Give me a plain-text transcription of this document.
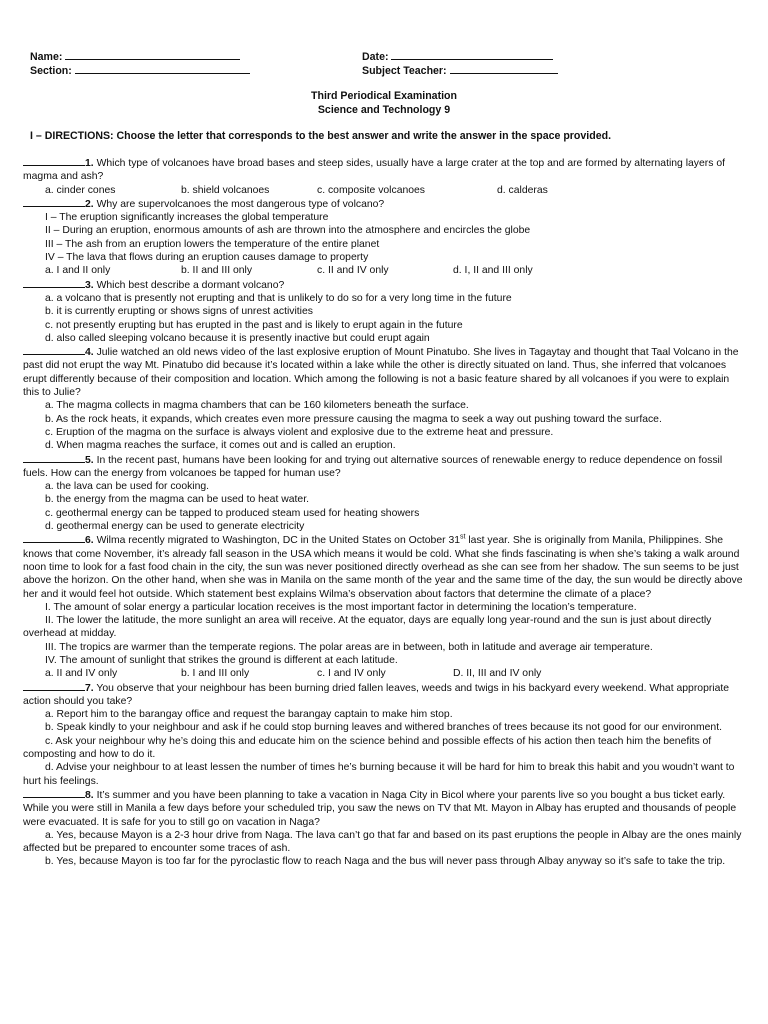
Name:
Section:
Date:
Subject Teacher:
Third Periodical Examination
Science and Technology 9
I – DIRECTIONS: Choose the letter that corresponds to the best answer and write the answer in the space provided.

1. Which type of volcanoes have broad bases and steep sides, usually have a large crater at the top and are formed by alternating layers of magma and ash?

a. cinder cones	b. shield volcanoes	c. composite volcanoes	d. calderas

2. Why are supervolcanoes the most dangerous type of volcano?

I – The eruption significantly increases the global temperature

II – During an eruption, enormous amounts of ash are thrown into the atmosphere and encircles the globe

III – The ash from an eruption lowers the temperature of the entire planet

IV – The lava that flows during an eruption causes damage to property

a. I and II only	b. II and III only	c. II and IV only	d. I, II and III only

3. Which best describe a dormant volcano?

a. a volcano that is presently not erupting and that is unlikely to do so for a very long time in the future

b. it is currently erupting or shows signs of unrest activities

c. not presently erupting but has erupted in the past and is likely to erupt again in the future

d. also called sleeping volcano because it is presently inactive but could erupt again

4. Julie watched an old news video of the last explosive eruption of Mount Pinatubo. She lives in Tagaytay and thought that Taal Volcano in the past did not erupt the way Mt. Pinatubo did because it’s located within a lake while the other is directly situated on land. Thus, she inferred that volcanoes erupt differently because of their composition and location. Which among the following is not a basic feature shared by all volcanoes if you were to explain this to Julie?

a. The magma collects in magma chambers that can be 160 kilometers beneath the surface.

b. As the rock heats, it expands, which creates even more pressure causing the magma to seek a way out pushing toward the surface.

c. Eruption of the magma on the surface is always violent and explosive due to the extreme heat and pressure.

d. When magma reaches the surface, it comes out and is called an eruption.

5. In the recent past, humans have been looking for and trying out alternative sources of renewable energy to reduce dependence on fossil fuels. How can the energy from volcanoes be tapped for human use?

a. the lava can be used for cooking.

b. the energy from the magma can be used to heat water.

c. geothermal energy can be tapped to produced steam used for heating showers

d. geothermal energy can be used to generate electricity

6. Wilma recently migrated to Washington, DC in the United States on October 31st last year. She is originally from Manila, Philippines. She knows that come November, it’s already fall season in the USA which means it would be cold. What she finds fascinating is when she’s taking a walk around noon time to look for a fast food chain in the city, the sun was never positioned directly overhead as she can see from her shadow. The sun seems to be just above the horizon. On the other hand, when she was in Manila on the same month of the year and the same time of the day, the sun would be directly above her and it would feel hot outside. Which statement best explains Wilma’s observation about factors that determine the climate of a place?

I. The amount of solar energy a particular location receives is the most important factor in determining the location’s temperature.

II. The lower the latitude, the more sunlight an area will receive. At the equator, days are equally long year-round and the sun is just about directly overhead at midday.

III. The tropics are warmer than the temperate regions. The polar areas are in between, both in latitude and average air temperature.

IV. The amount of sunlight that strikes the ground is different at each latitude.

a. II and IV only	b. I and III only	c. I and IV only	D. II, III and IV only

7. You observe that your neighbour has been burning dried fallen leaves, weeds and twigs in his backyard every weekend. What appropriate action should you take?

a. Report him to the barangay office and request the barangay captain to make him stop.

b. Speak kindly to your neighbour and ask if he could stop burning leaves and withered branches of trees because its not good for our environment.

c. Ask your neighbour why he’s doing this and educate him on the science behind and possible effects of his action then teach him the benefits of composting and how to do it.

d. Advise your neighbour to at least lessen the number of times he’s burning because it will be hard for him to break this habit and you woudn’t want to hurt his feelings.

8. It’s summer and you have been planning to take a vacation in Naga City in Bicol where your parents live so you bought a bus ticket early. While you were still in Manila a few days before your scheduled trip, you saw the news on TV that Mt. Mayon in Albay has erupted and thousands of people were evacuated. It is safe for you to still go on vacation in Naga?

a. Yes, because Mayon is a 2-3 hour drive from Naga. The lava can’t go that far and based on its past eruptions the people in Albay are the ones mainly affected but be prepared to encounter some traces of ash.

b. Yes, because Mayon is too far for the pyroclastic flow to reach Naga and the bus will never pass through Albay anyway so it’s safe to take the trip.
